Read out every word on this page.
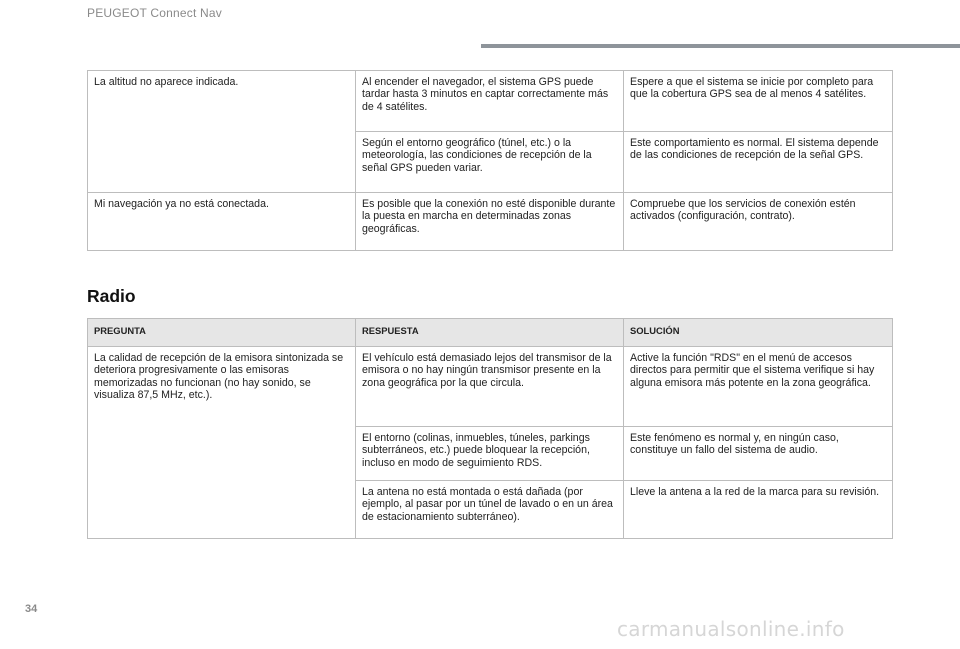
PEUGEOT Connect Nav
La altitud no aparece indicada.	Al encender el navegador, el sistema GPS puede tardar hasta 3 minutos en captar correctamente más de 4 satélites.	Espere a que el sistema se inicie por completo para que la cobertura GPS sea de al menos 4 satélites.
	Según el entorno geográfico (túnel, etc.) o la meteorología, las condiciones de recepción de la señal GPS pueden variar.	Este comportamiento es normal. El sistema depende de las condiciones de recepción de la señal GPS.
Mi navegación ya no está conectada.	Es posible que la conexión no esté disponible durante la puesta en marcha en determinadas zonas geográficas.	Compruebe que los servicios de conexión estén activados (configuración, contrato).
Radio
PREGUNTA	RESPUESTA	SOLUCIÓN
La calidad de recepción de la emisora sintonizada se deteriora progresivamente o las emisoras memorizadas no funcionan (no hay sonido, se visualiza 87,5 MHz, etc.).	El vehículo está demasiado lejos del transmisor de la emisora o no hay ningún transmisor presente en la zona geográfica por la que circula.	Active la función "RDS" en el menú de accesos directos para permitir que el sistema verifique si hay alguna emisora más potente en la zona geográfica.
	El entorno (colinas, inmuebles, túneles, parkings subterráneos, etc.) puede bloquear la recepción, incluso en modo de seguimiento RDS.	Este fenómeno es normal y, en ningún caso, constituye un fallo del sistema de audio.
	La antena no está montada o está dañada (por ejemplo, al pasar por un túnel de lavado o en un área de estacionamiento subterráneo).	Lleve la antena a la red de la marca para su revisión.
34
carmanualsonline.info
